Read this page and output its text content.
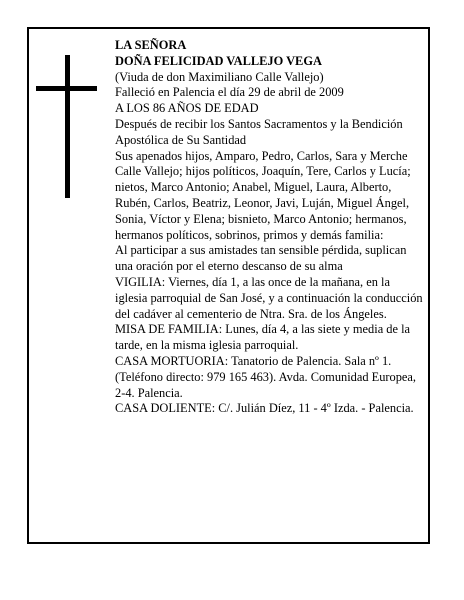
LA SEÑORA

DOÑA FELICIDAD VALLEJO VEGA

(Viuda de don Maximiliano Calle Vallejo)

Falleció en Palencia el día 29 de abril de 2009

A LOS 86 AÑOS DE EDAD

Después de recibir los Santos Sacramentos y la Bendición Apostólica de Su Santidad

Sus apenados hijos, Amparo, Pedro, Carlos, Sara y Merche Calle Vallejo; hijos políticos, Joaquín, Tere, Carlos y Lucía; nietos, Marco Antonio; Anabel, Miguel, Laura, Alberto, Rubén, Carlos, Beatriz, Leonor, Javi, Luján, Miguel Ángel, Sonia, Víctor y Elena; bisnieto, Marco Antonio; hermanos, hermanos políticos, sobrinos, primos y demás familia:

Al participar a sus amistades tan sensible pérdida, suplican una oración por el eterno descanso de su alma

VIGILIA: Viernes, día 1, a las once de la mañana, en la iglesia parroquial de San José, y a continuación la conducción del cadáver al cementerio de Ntra. Sra. de los Ángeles.

MISA DE FAMILIA: Lunes, día 4, a las siete y media de la tarde, en la misma iglesia parroquial.

CASA MORTUORIA: Tanatorio de Palencia. Sala nº 1. (Teléfono directo: 979 165 463). Avda. Comunidad Europea, 2-4. Palencia.

CASA DOLIENTE: C/. Julián Díez, 11 - 4º Izda. - Palencia.
